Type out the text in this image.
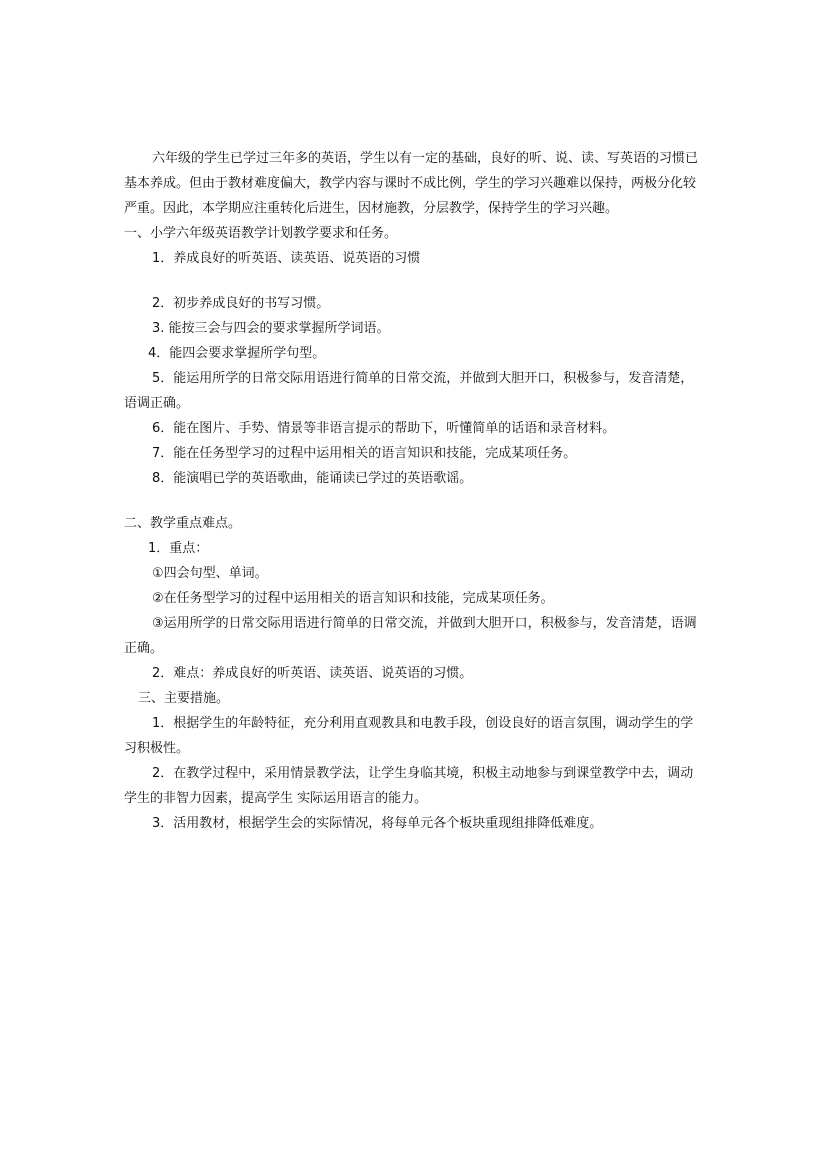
六年级的学生已学过三年多的英语，学生以有一定的基础，良好的听、说、读、写英语的习惯已基本养成。但由于教材难度偏大，教学内容与课时不成比例，学生的学习兴趣难以保持，两极分化较严重。因此，本学期应注重转化后进生，因材施教，分层教学，保持学生的学习兴趣。

一、小学六年级英语教学计划教学要求和任务。

1．养成良好的听英语、读英语、说英语的习惯

2．初步养成良好的书写习惯。

3. 能按三会与四会的要求掌握所学词语。

4．能四会要求掌握所学句型。

5．能运用所学的日常交际用语进行简单的日常交流，并做到大胆开口，积极参与，发音清楚，语调正确。

6．能在图片、手势、情景等非语言提示的帮助下，听懂简单的话语和录音材料。

7．能在任务型学习的过程中运用相关的语言知识和技能，完成某项任务。

8．能演唱已学的英语歌曲，能诵读已学过的英语歌谣。

二、教学重点难点。

1．重点：

①四会句型、单词。

②在任务型学习的过程中运用相关的语言知识和技能，完成某项任务。

③运用所学的日常交际用语进行简单的日常交流，并做到大胆开口，积极参与，发音清楚，语调正确。

2．难点：养成良好的听英语、读英语、说英语的习惯。

三、主要措施。

1．根据学生的年龄特征，充分利用直观教具和电教手段，创设良好的语言氛围，调动学生的学习积极性。

2．在教学过程中，采用情景教学法，让学生身临其境，积极主动地参与到课堂教学中去，调动学生的非智力因素，提高学生 实际运用语言的能力。

3．活用教材，根据学生会的实际情况，将每单元各个板块重现组排降低难度。
